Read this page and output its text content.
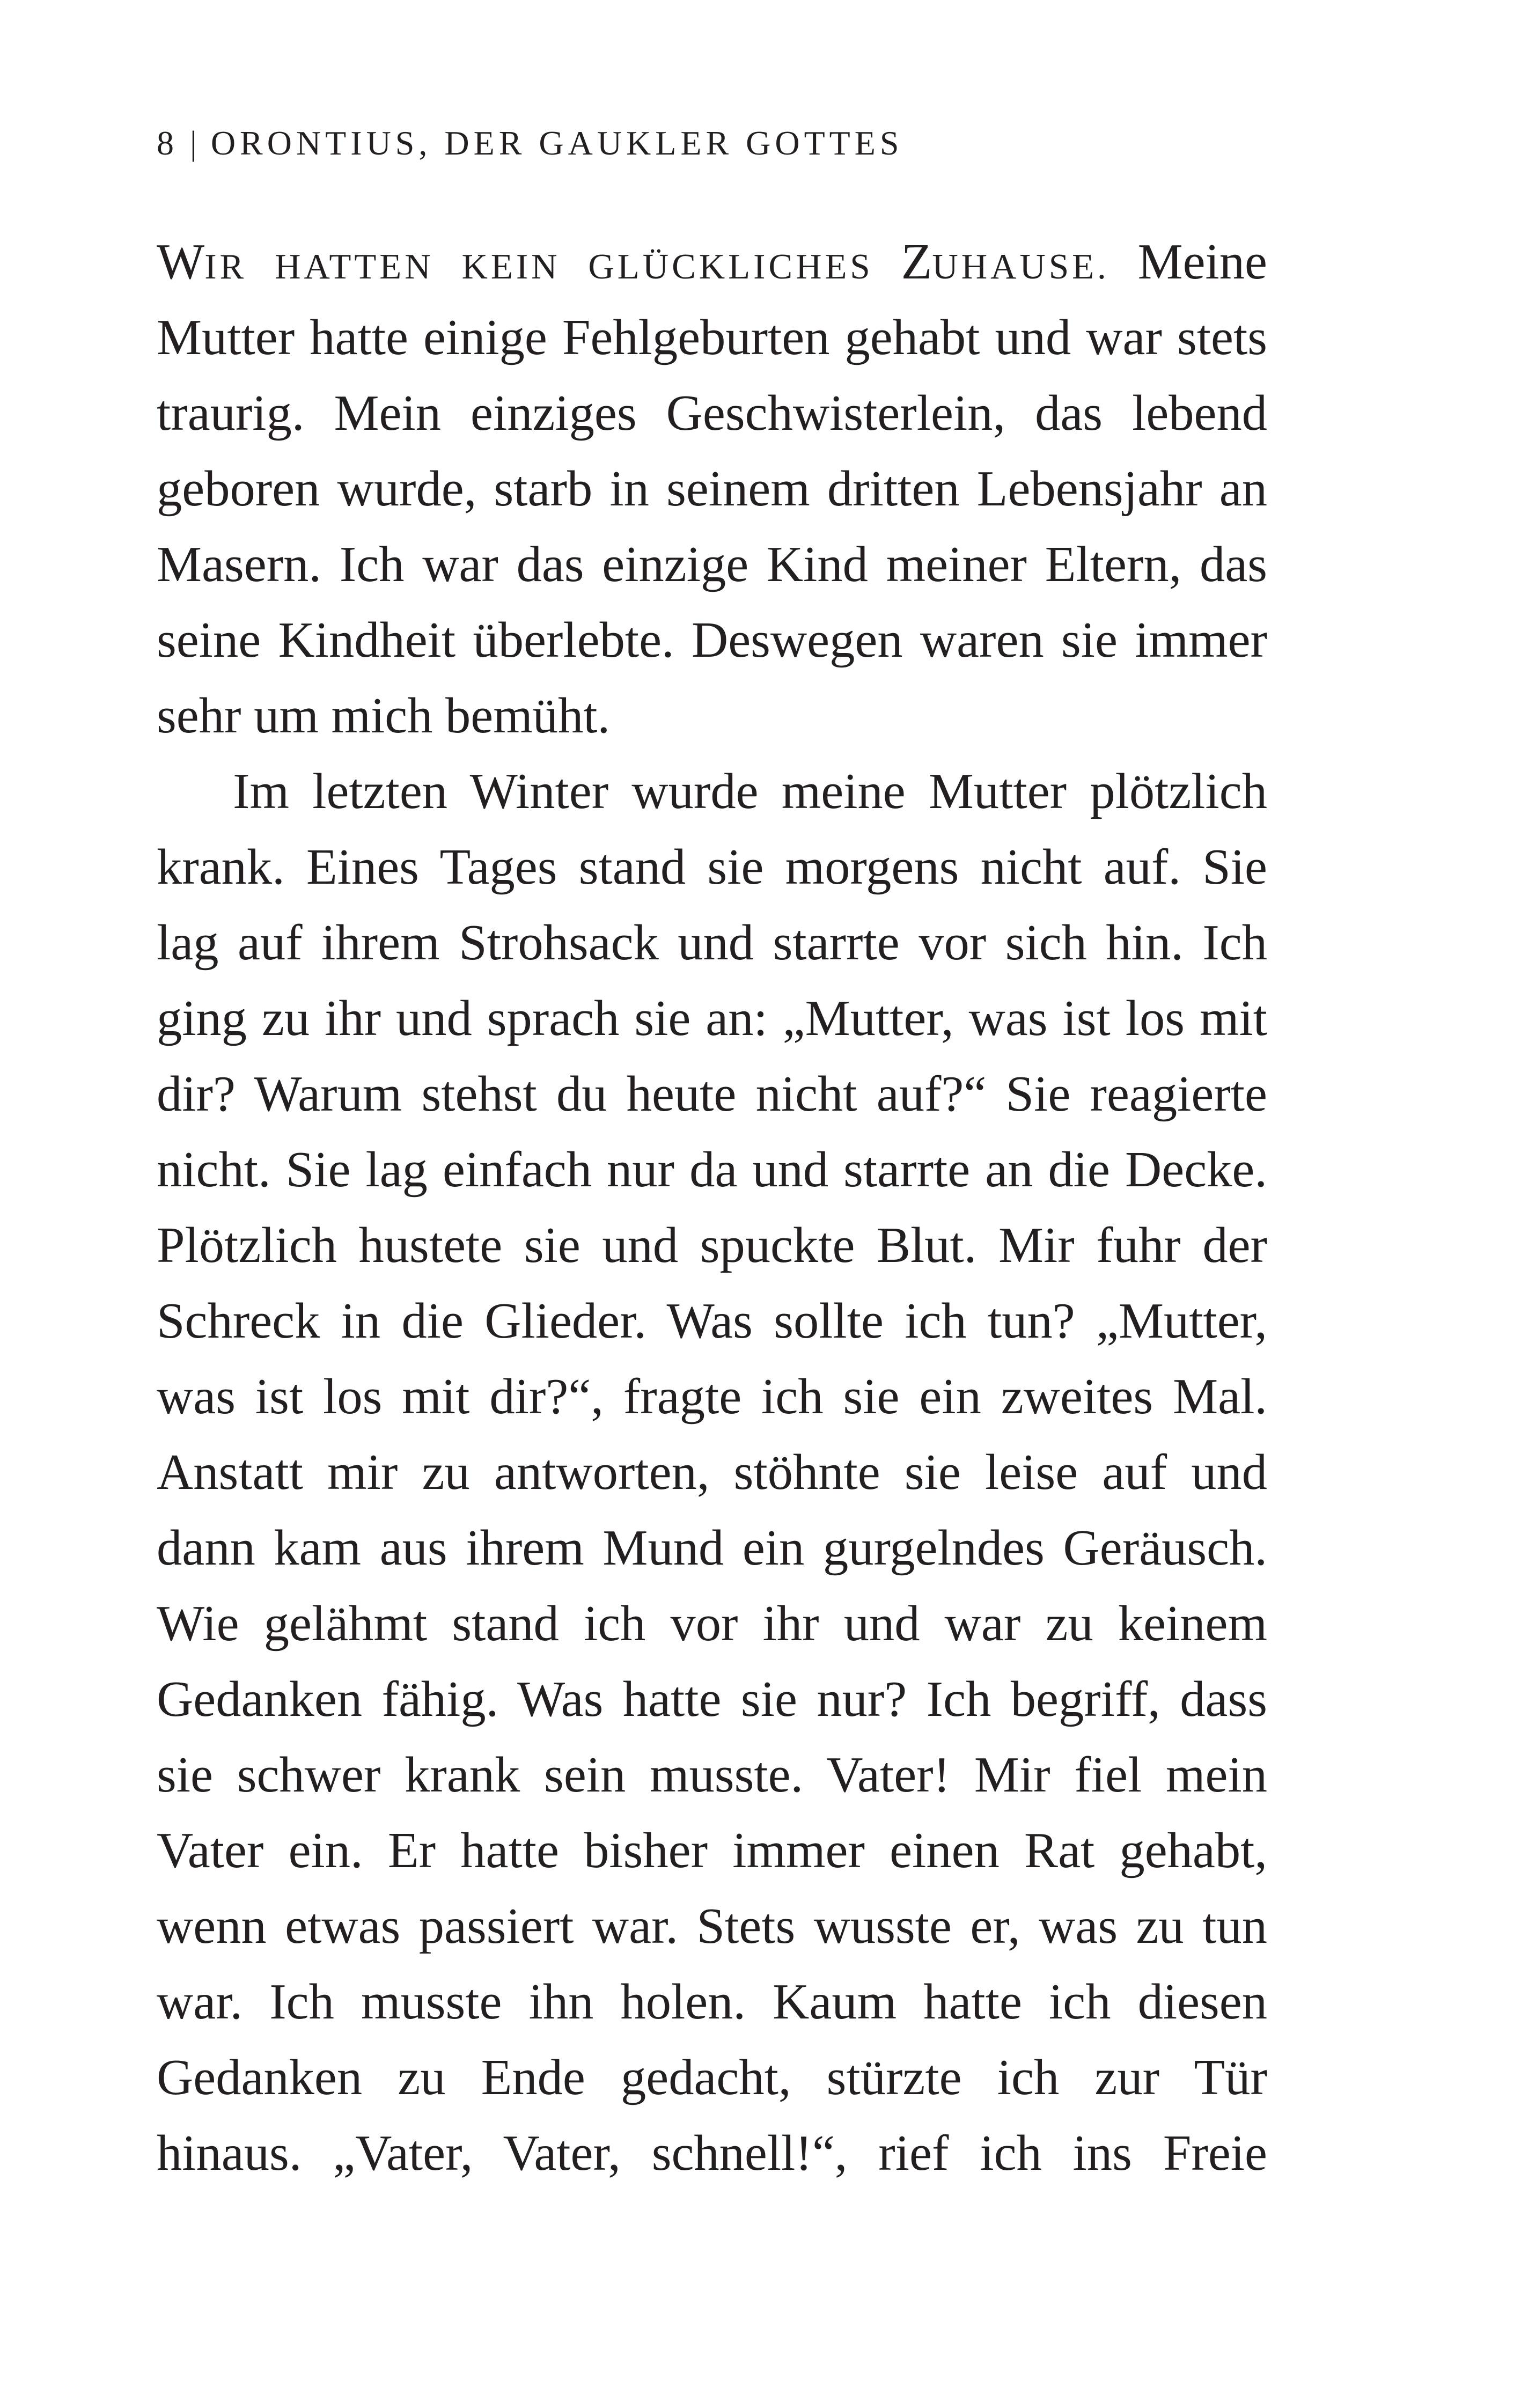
8 | ORONTIUS, DER GAUKLER GOTTES
WIR HATTEN KEIN GLÜCKLICHES ZUHAUSE. Meine
Mutter hatte einige Fehlgeburten gehabt und war stets
traurig. Mein einziges Geschwisterlein, das lebend
geboren wurde, starb in seinem dritten Lebensjahr an
Masern. Ich war das einzige Kind meiner Eltern, das
seine Kindheit überlebte. Deswegen waren sie immer
sehr um mich bemüht.
Im letzten Winter wurde meine Mutter plötzlich
krank. Eines Tages stand sie morgens nicht auf. Sie
lag auf ihrem Strohsack und starrte vor sich hin. Ich
ging zu ihr und sprach sie an: „Mutter, was ist los mit
dir? Warum stehst du heute nicht auf?“ Sie reagierte
nicht. Sie lag einfach nur da und starrte an die Decke.
Plötzlich hustete sie und spuckte Blut. Mir fuhr der
Schreck in die Glieder. Was sollte ich tun? „Mutter,
was ist los mit dir?“, fragte ich sie ein zweites Mal.
Anstatt mir zu antworten, stöhnte sie leise auf und
dann kam aus ihrem Mund ein gurgelndes Geräusch.
Wie gelähmt stand ich vor ihr und war zu keinem
Gedanken fähig. Was hatte sie nur? Ich begriff, dass
sie schwer krank sein musste. Vater! Mir fiel mein
Vater ein. Er hatte bisher immer einen Rat gehabt,
wenn etwas passiert war. Stets wusste er, was zu tun
war. Ich musste ihn holen. Kaum hatte ich diesen
Gedanken zu Ende gedacht, stürzte ich zur Tür
hinaus. „Vater, Vater, schnell!“, rief ich ins Freie
